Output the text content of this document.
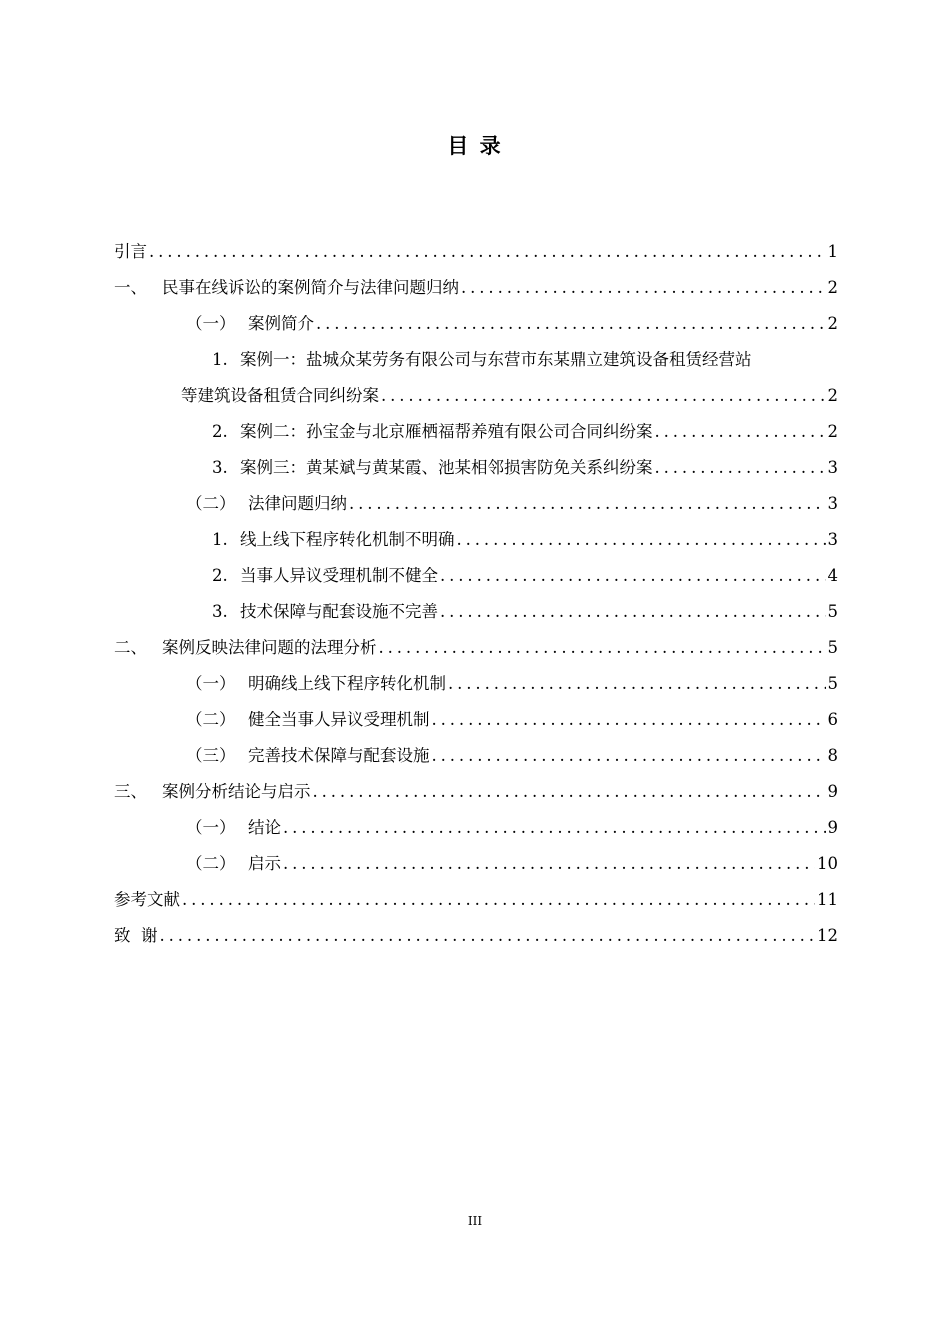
目 录
引言 .....	1
一、 民事在线诉讼的案例简介与法律问题归纳 .....	2
（一） 案例简介 .....	2
1. 案例一：盐城众某劳务有限公司与东营市东某鼎立建筑设备租赁经营站
等建筑设备租赁合同纠纷案 .....	2
2. 案例二：孙宝金与北京雁栖福帮养殖有限公司合同纠纷案 .....	2
3. 案例三：黄某斌与黄某霞、池某相邻损害防免关系纠纷案 .....	3
（二） 法律问题归纳 .....	3
1. 线上线下程序转化机制不明确 .....	3
2. 当事人异议受理机制不健全 .....	4
3. 技术保障与配套设施不完善 .....	5
二、 案例反映法律问题的法理分析 .....	5
（一） 明确线上线下程序转化机制 .....	5
（二） 健全当事人异议受理机制 .....	6
（三） 完善技术保障与配套设施 .....	8
三、 案例分析结论与启示 .....	9
（一） 结论 .....	9
（二） 启示 .....	10
参考文献 .....	11
致  谢 .....	12
III
